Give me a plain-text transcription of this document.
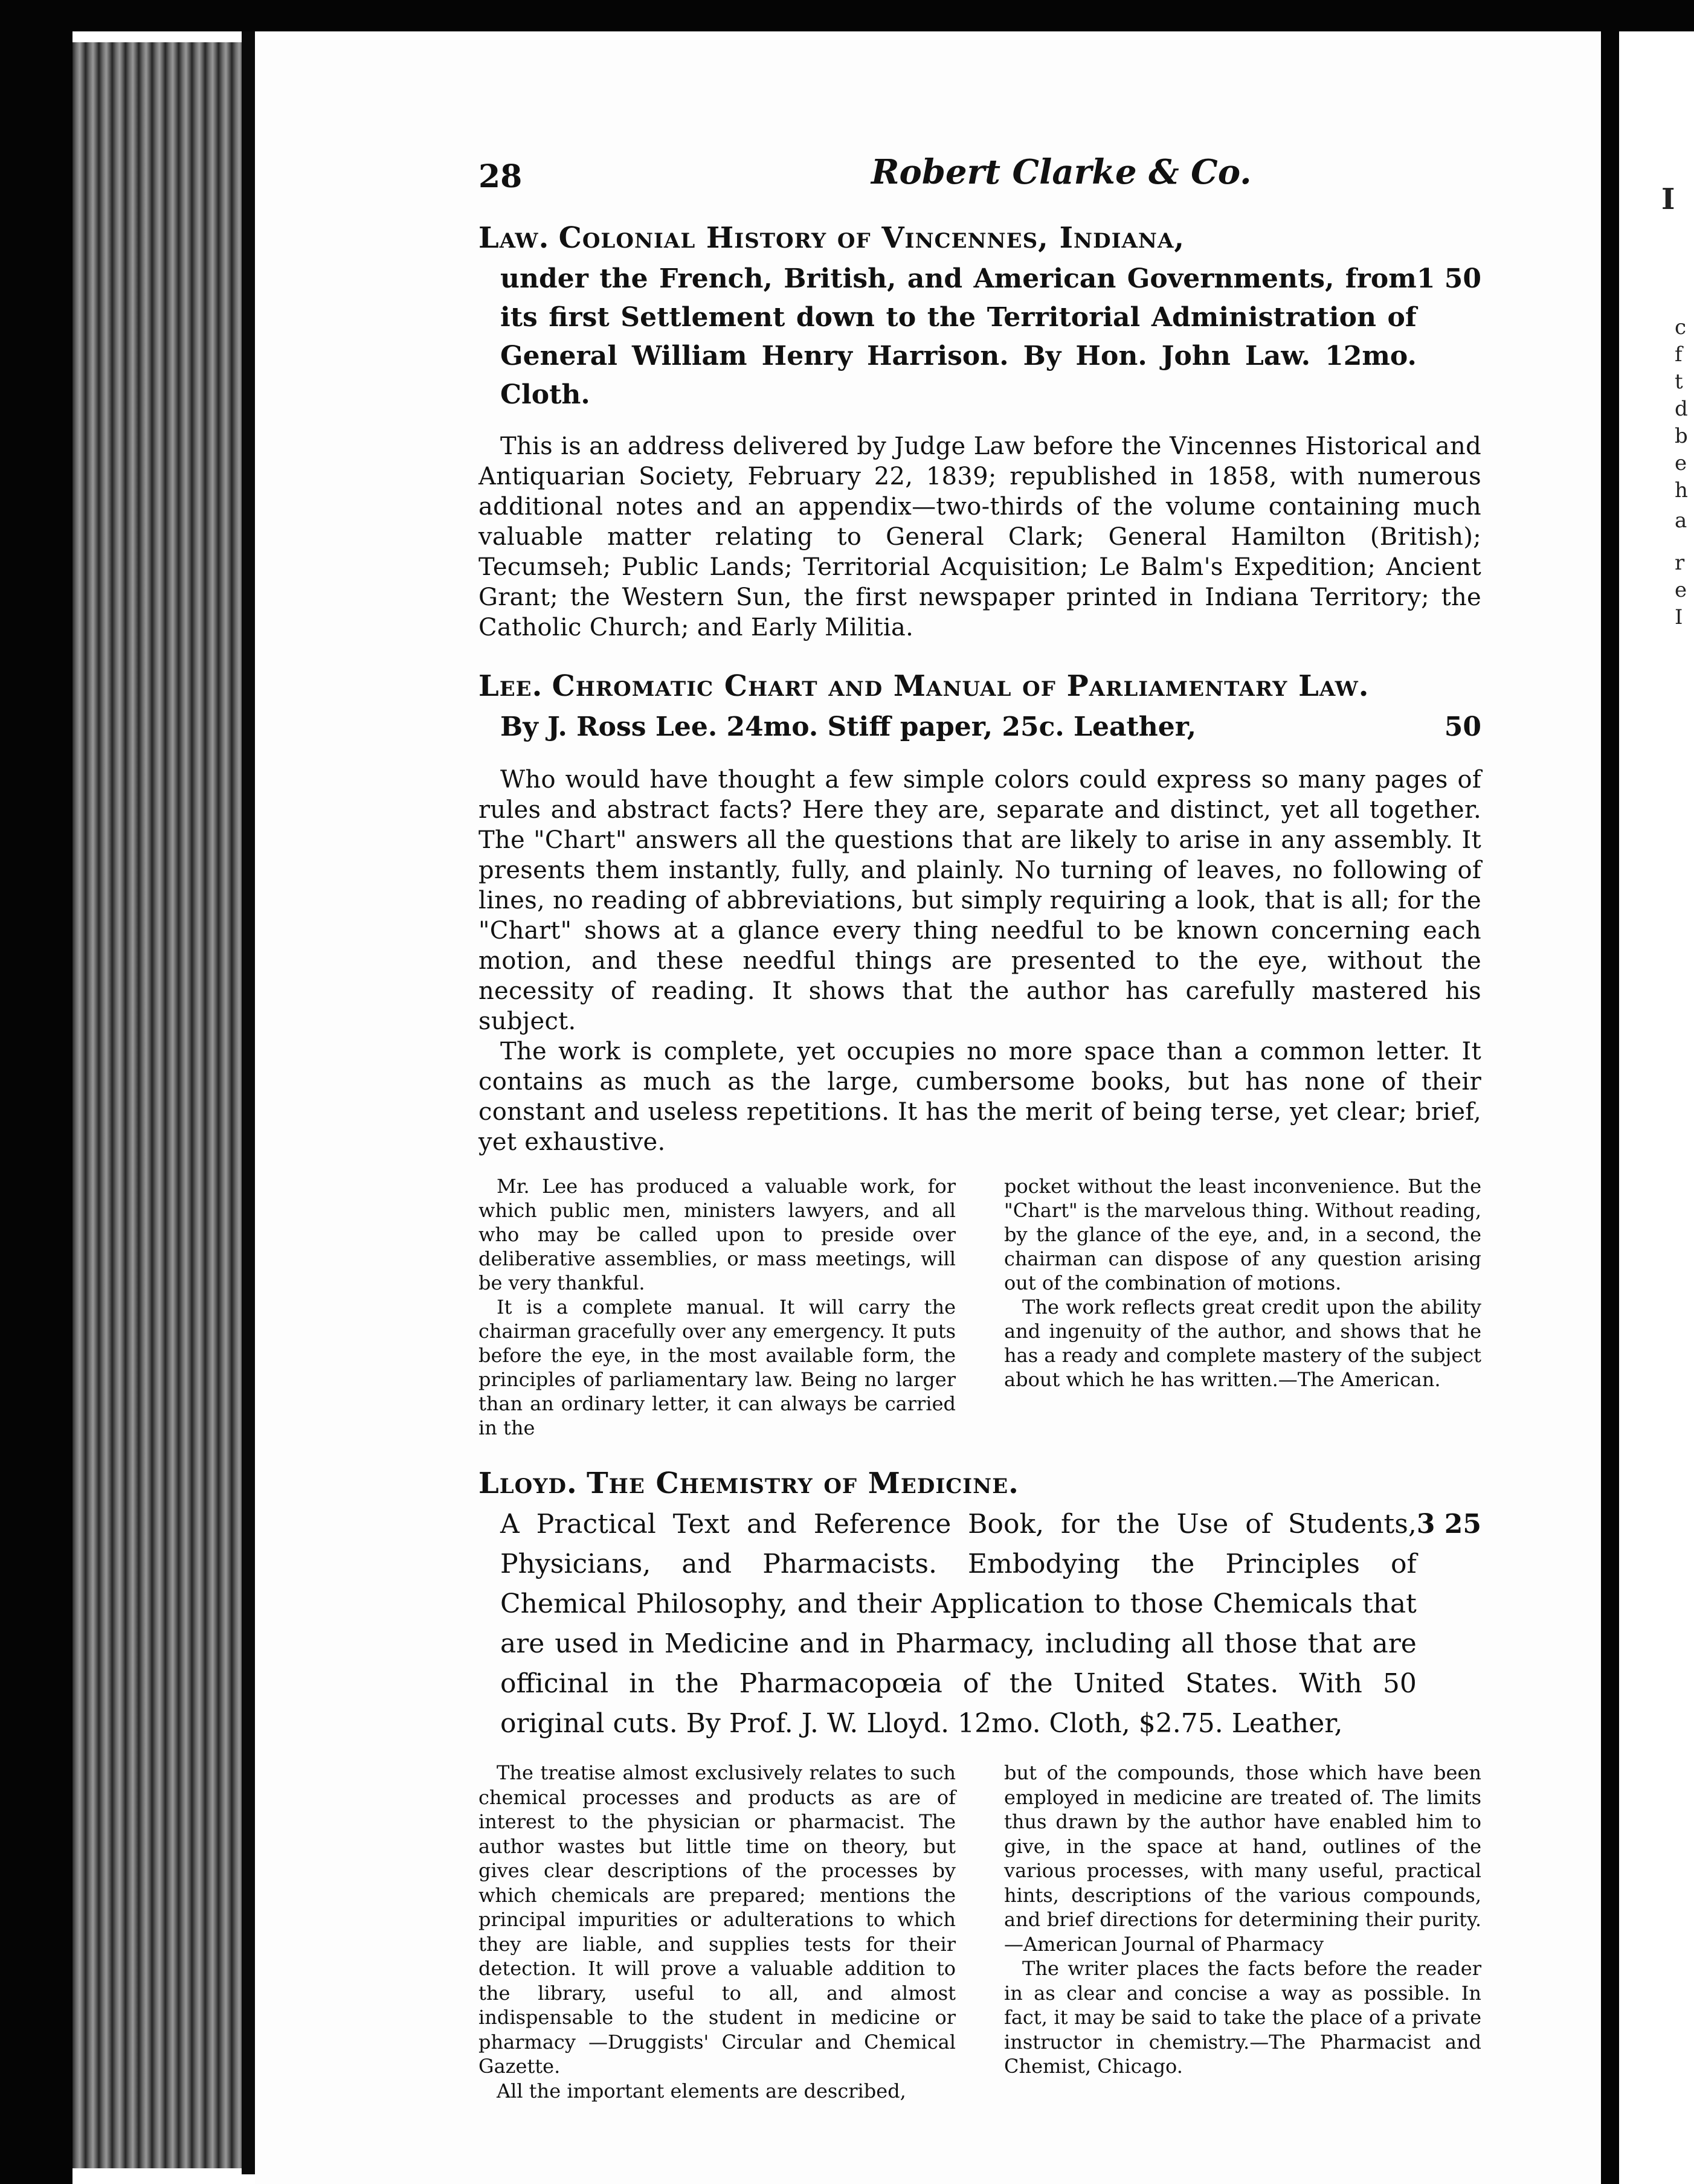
I
c
f
t
d
b
e
h
a
r
e
I
28	Robert Clarke & Co.
Law. Colonial History of Vincennes, Indiana,
under the French, British, and American Governments, from its first Settlement down to the Territorial Administration of General William Henry Harrison. By Hon. John Law. 12mo. Cloth.
1 50

This is an address delivered by Judge Law before the Vincennes Historical and Antiquarian Society, February 22, 1839; republished in 1858, with numerous additional notes and an appendix—two-thirds of the volume containing much valuable matter relating to General Clark; General Hamilton (British); Tecumseh; Public Lands; Territorial Acquisition; Le Balm's Expedition; Ancient Grant; the Western Sun, the first newspaper printed in Indiana Territory; the Catholic Church; and Early Militia.

Lee. Chromatic Chart and Manual of Parliamentary Law.
By J. Ross Lee. 24mo. Stiff paper, 25c. Leather,	50

Who would have thought a few simple colors could express so many pages of rules and abstract facts? Here they are, separate and distinct, yet all together. The "Chart" answers all the questions that are likely to arise in any assembly. It presents them instantly, fully, and plainly. No turning of leaves, no following of lines, no reading of abbreviations, but simply requiring a look, that is all; for the "Chart" shows at a glance every thing needful to be known concerning each motion, and these needful things are presented to the eye, without the necessity of reading. It shows that the author has carefully mastered his subject.

The work is complete, yet occupies no more space than a common letter. It contains as much as the large, cumbersome books, but has none of their constant and useless repetitions. It has the merit of being terse, yet clear; brief, yet exhaustive.

Mr. Lee has produced a valuable work, for which public men, ministers lawyers, and all who may be called upon to preside over deliberative assemblies, or mass meetings, will be very thankful.

It is a complete manual. It will carry the chairman gracefully over any emergency. It puts before the eye, in the most available form, the principles of parliamentary law. Being no larger than an ordinary letter, it can always be carried in the

pocket without the least inconvenience. But the "Chart" is the marvelous thing. Without reading, by the glance of the eye, and, in a second, the chairman can dispose of any question arising out of the combination of motions.

The work reflects great credit upon the ability and ingenuity of the author, and shows that he has a ready and complete mastery of the subject about which he has written.—The American.

Lloyd. The Chemistry of Medicine.
A Practical Text and Reference Book, for the Use of Students, Physicians, and Pharmacists. Embodying the Principles of Chemical Philosophy, and their Application to those Chemicals that are used in Medicine and in Pharmacy, including all those that are officinal in the Pharmacopœia of the United States. With 50 original cuts. By Prof. J. W. Lloyd. 12mo. Cloth, $2.75. Leather,
3 25

The treatise almost exclusively relates to such chemical processes and products as are of interest to the physician or pharmacist. The author wastes but little time on theory, but gives clear descriptions of the processes by which chemicals are prepared; mentions the principal impurities or adulterations to which they are liable, and supplies tests for their detection. It will prove a valuable addition to the library, useful to all, and almost indispensable to the student in medicine or pharmacy —Druggists' Circular and Chemical Gazette.

All the important elements are described,

but of the compounds, those which have been employed in medicine are treated of. The limits thus drawn by the author have enabled him to give, in the space at hand, outlines of the various processes, with many useful, practical hints, descriptions of the various compounds, and brief directions for determining their purity.—American Journal of Pharmacy

The writer places the facts before the reader in as clear and concise a way as possible. In fact, it may be said to take the place of a private instructor in chemistry.—The Pharmacist and Chemist, Chicago.
